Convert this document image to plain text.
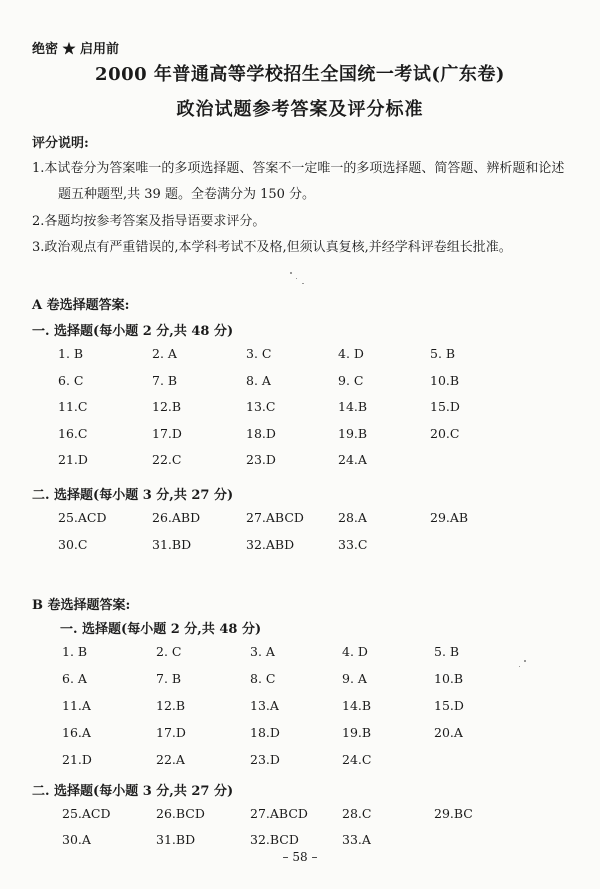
绝密 ★ 启用前
2000 年普通高等学校招生全国统一考试(广东卷)
政治试题参考答案及评分标准
评分说明:
1.本试卷分为答案唯一的多项选择题、答案不一定唯一的多项选择题、简答题、辨析题和论述
题五种题型,共 39 题。全卷满分为 150 分。
2.各题均按参考答案及指导语要求评分。
3.政治观点有严重错误的,本学科考试不及格,但须认真复核,并经学科评卷组长批准。
A 卷选择题答案:
一. 选择题(每小题 2 分,共 48 分)
1. B	2. A	3. C	4. D	5. B
6. C	7. B	8. A	9. C	10.B
11.C	12.B	13.C	14.B	15.D
16.C	17.D	18.D	19.B	20.C
21.D	22.C	23.D	24.A
二. 选择题(每小题 3 分,共 27 分)
25.ACD	26.ABD	27.ABCD	28.A	29.AB
30.C	31.BD	32.ABD	33.C
B 卷选择题答案:
一. 选择题(每小题 2 分,共 48 分)
1. B	2. C	3. A	4. D	5. B
6. A	7. B	8. C	9. A	10.B
11.A	12.B	13.A	14.B	15.D
16.A	17.D	18.D	19.B	20.A
21.D	22.A	23.D	24.C
二. 选择题(每小题 3 分,共 27 分)
25.ACD	26.BCD	27.ABCD	28.C	29.BC
30.A	31.BD	32.BCD	33.A
– 58 –
